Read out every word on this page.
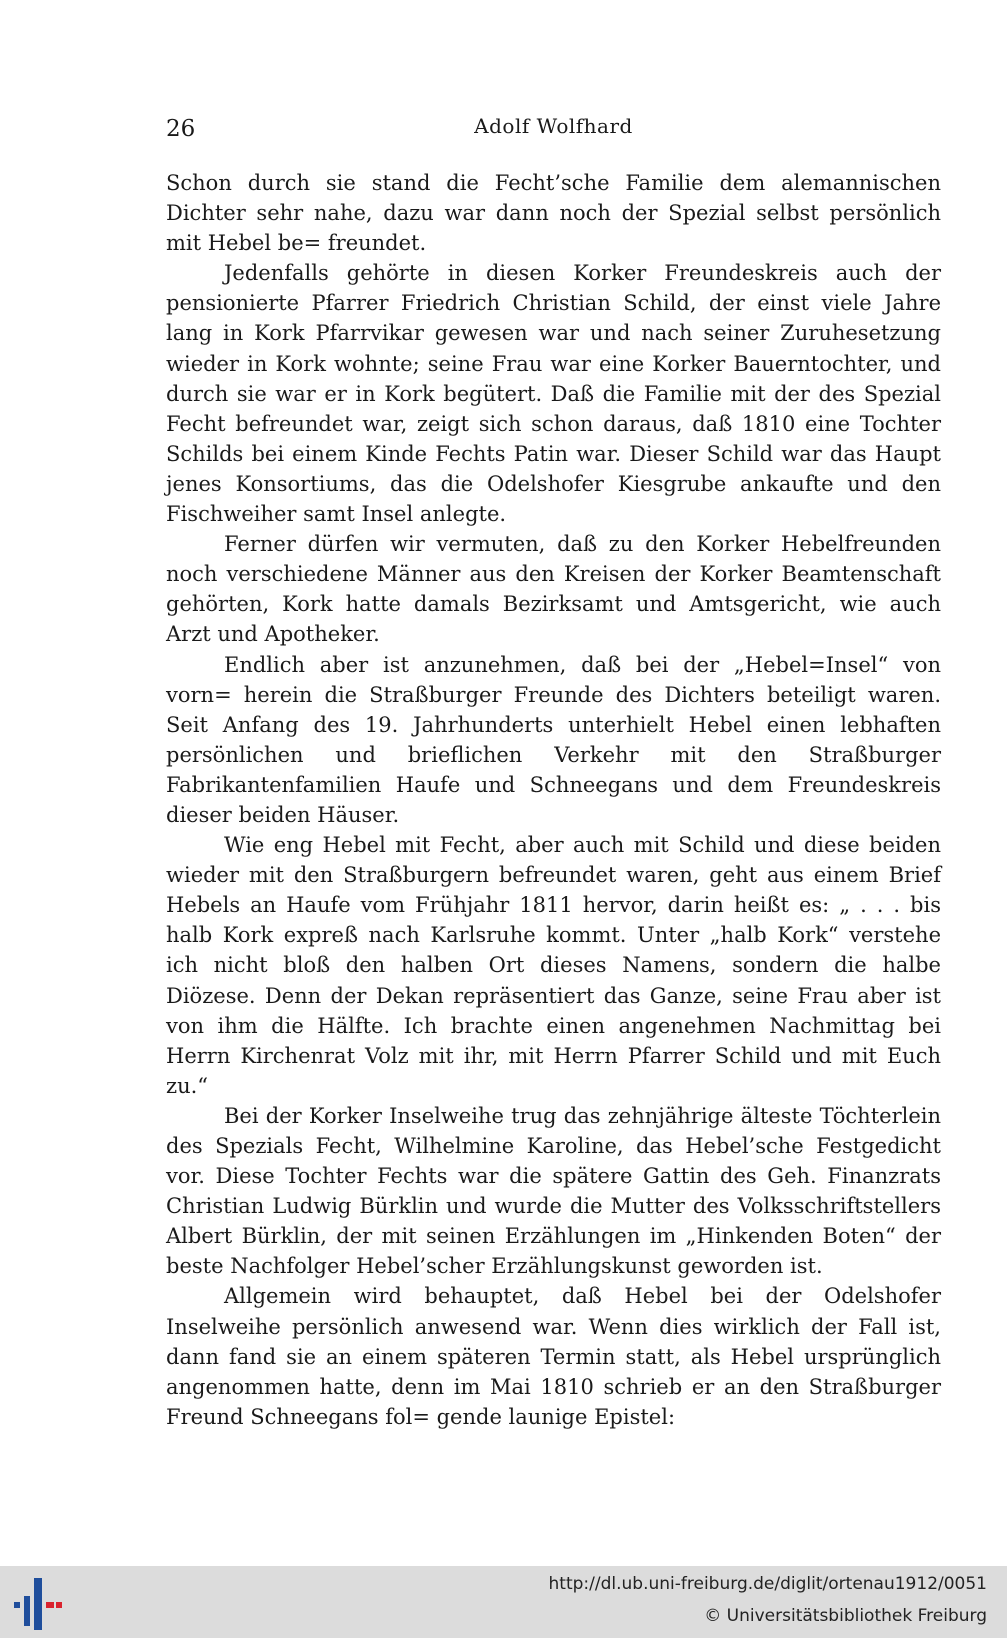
26	Adolf Wolfhard

Schon durch sie stand die Fecht’sche Familie dem alemannischen Dichter sehr nahe, dazu war dann noch der Spezial selbst persönlich mit Hebel be= freundet.

Jedenfalls gehörte in diesen Korker Freundeskreis auch der pensionierte Pfarrer Friedrich Christian Schild, der einst viele Jahre lang in Kork Pfarrvikar gewesen war und nach seiner Zuruhesetzung wieder in Kork wohnte; seine Frau war eine Korker Bauerntochter, und durch sie war er in Kork begütert. Daß die Familie mit der des Spezial Fecht befreundet war, zeigt sich schon daraus, daß 1810 eine Tochter Schilds bei einem Kinde Fechts Patin war. Dieser Schild war das Haupt jenes Konsortiums, das die Odelshofer Kiesgrube ankaufte und den Fischweiher samt Insel anlegte.

Ferner dürfen wir vermuten, daß zu den Korker Hebelfreunden noch verschiedene Männer aus den Kreisen der Korker Beamtenschaft gehörten, Kork hatte damals Bezirksamt und Amtsgericht, wie auch Arzt und Apotheker.

Endlich aber ist anzunehmen, daß bei der „Hebel=Insel“ von vorn= herein die Straßburger Freunde des Dichters beteiligt waren. Seit Anfang des 19. Jahrhunderts unterhielt Hebel einen lebhaften persönlichen und brieflichen Verkehr mit den Straßburger Fabrikantenfamilien Haufe und Schneegans und dem Freundeskreis dieser beiden Häuser.

Wie eng Hebel mit Fecht, aber auch mit Schild und diese beiden wieder mit den Straßburgern befreundet waren, geht aus einem Brief Hebels an Haufe vom Frühjahr 1811 hervor, darin heißt es: „ . . . bis halb Kork expreß nach Karlsruhe kommt. Unter „halb Kork“ verstehe ich nicht bloß den halben Ort dieses Namens, sondern die halbe Diözese. Denn der Dekan repräsentiert das Ganze, seine Frau aber ist von ihm die Hälfte. Ich brachte einen angenehmen Nachmittag bei Herrn Kirchenrat Volz mit ihr, mit Herrn Pfarrer Schild und mit Euch zu.“

Bei der Korker Inselweihe trug das zehnjährige älteste Töchterlein des Spezials Fecht, Wilhelmine Karoline, das Hebel’sche Festgedicht vor. Diese Tochter Fechts war die spätere Gattin des Geh. Finanzrats Christian Ludwig Bürklin und wurde die Mutter des Volksschriftstellers Albert Bürklin, der mit seinen Erzählungen im „Hinkenden Boten“ der beste Nachfolger Hebel’scher Erzählungskunst geworden ist.

Allgemein wird behauptet, daß Hebel bei der Odelshofer Inselweihe persönlich anwesend war. Wenn dies wirklich der Fall ist, dann fand sie an einem späteren Termin statt, als Hebel ursprünglich angenommen hatte, denn im Mai 1810 schrieb er an den Straßburger Freund Schneegans fol= gende launige Epistel:

http://dl.ub.uni-freiburg.de/diglit/ortenau1912/0051
© Universitätsbibliothek Freiburg
